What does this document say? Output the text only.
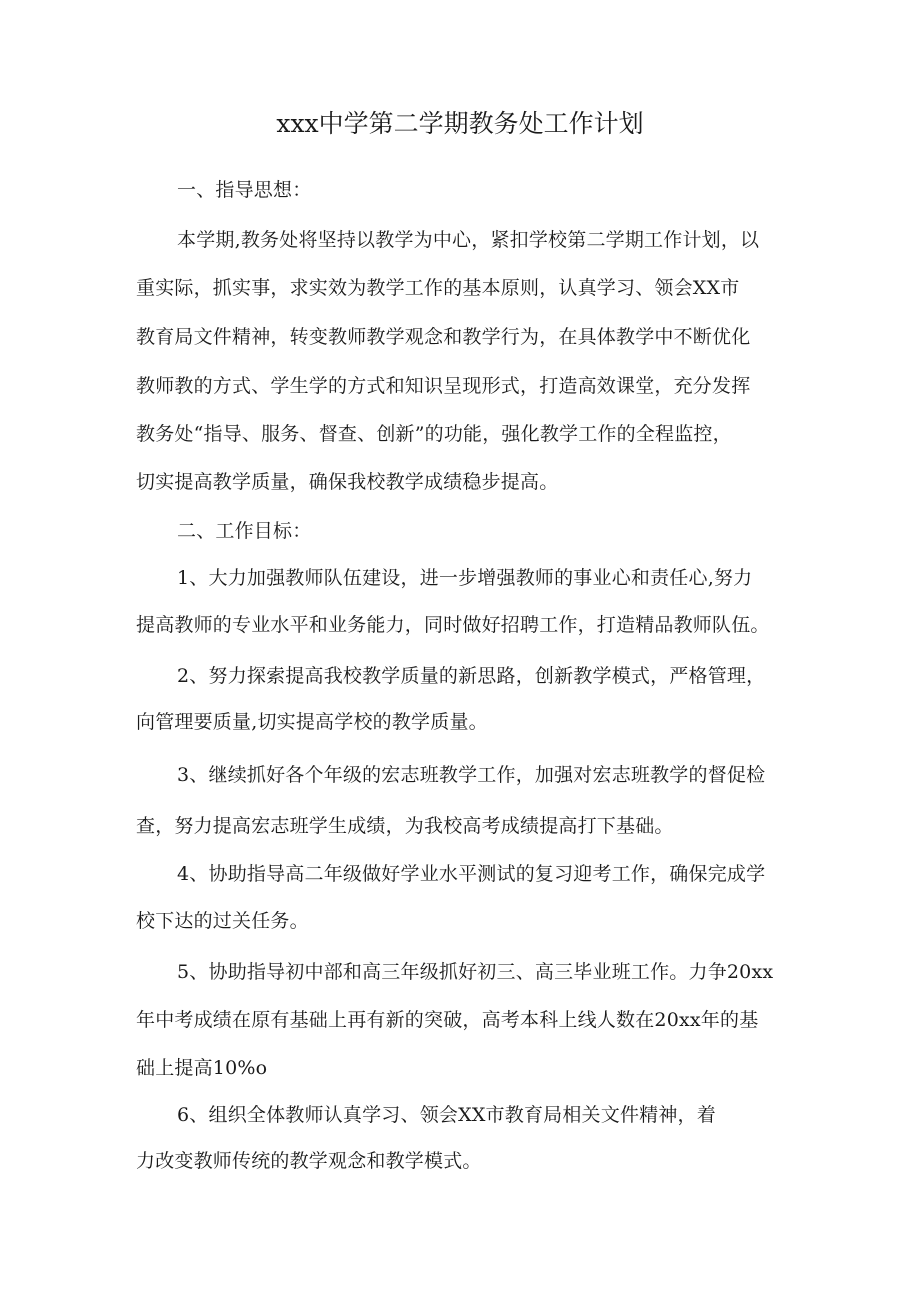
xxx中学第二学期教务处工作计划
一、指导思想：
本学期,教务处将坚持以教学为中心，紧扣学校第二学期工作计划，以
重实际，抓实事，求实效为教学工作的基本原则，认真学习、领会XX市
教育局文件精神，转变教师教学观念和教学行为，在具体教学中不断优化
教师教的方式、学生学的方式和知识呈现形式，打造高效课堂，充分发挥
教务处“指导、服务、督查、创新”的功能，强化教学工作的全程监控，
切实提高教学质量，确保我校教学成绩稳步提高。
二、工作目标：
1、大力加强教师队伍建设，进一步增强教师的事业心和责任心,努力
提高教师的专业水平和业务能力，同时做好招聘工作，打造精品教师队伍。
2、努力探索提高我校教学质量的新思路，创新教学模式，严格管理，
向管理要质量,切实提高学校的教学质量。
3、继续抓好各个年级的宏志班教学工作，加强对宏志班教学的督促检
查，努力提高宏志班学生成绩，为我校高考成绩提高打下基础。
4、协助指导高二年级做好学业水平测试的复习迎考工作，确保完成学
校下达的过关任务。
5、协助指导初中部和高三年级抓好初三、高三毕业班工作。力争20xx
年中考成绩在原有基础上再有新的突破，高考本科上线人数在20xx年的基
础上提高10%o
6、组织全体教师认真学习、领会XX市教育局相关文件精神，着
力改变教师传统的教学观念和教学模式。
